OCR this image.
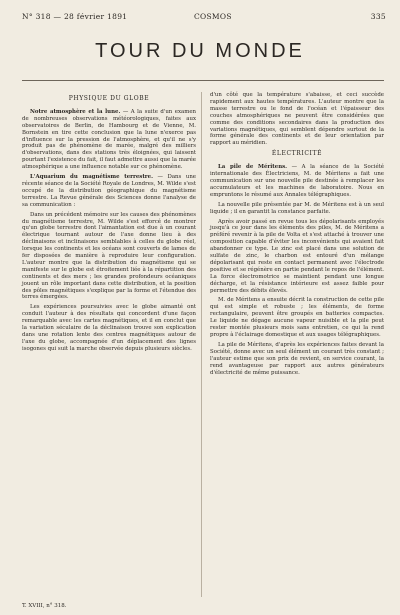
N° 318 — 28 février 1891	COSMOS	335
TOUR DU MONDE
PHYSIQUE DU GLOBE

Notre atmosphère et la lune. — A la suite d'un examen de nombreuses observations météorologiques, faites aux observatoires de Berlin, de Hambourg et de Vienne, M. Bornstein en tire cette conclusion que la lune n'exerce pas d'influence sur la pression de l'atmosphère, et qu'il ne s'y produit pas de phénomène de marée, malgré des milliers d'observations, dans des stations très éloignées, qui laissent pourtant l'existence du fait, il faut admettre aussi que la marée atmosphérique a une influence notable sur ce phénomène.

L'Aquarium du magnétisme terrestre. — Dans une récente séance de la Société Royale de Londres, M. Wilde s'est occupé de la distribution géographique du magnétisme terrestre. La Revue générale des Sciences donne l'analyse de sa communication :

Dans un précédent mémoire sur les causes des phénomènes du magnétisme terrestre, M. Wilde s'est efforcé de montrer qu'un globe terrestre dont l'aimantation est due à un courant électrique tournant autour de l'axe donne lieu à des déclinaisons et inclinaisons semblables à celles du globe réel, lorsque les continents et les océans sont couverts de lames de fer disposées de manière à reproduire leur configuration. L'auteur montre que la distribution du magnétisme qui se manifeste sur le globe est étroitement liée à la répartition des continents et des mers ; les grandes profondeurs océaniques jouent un rôle important dans cette distribution, et la position des pôles magnétiques s'explique par la forme et l'étendue des terres émergées.

Les expériences poursuivies avec le globe aimanté ont conduit l'auteur à des résultats qui concordent d'une façon remarquable avec les cartes magnétiques, et il en conclut que la variation séculaire de la déclinaison trouve son explication dans une rotation lente des centres magnétiques autour de l'axe du globe, accompagnée d'un déplacement des lignes isogones qui suit la marche observée depuis plusieurs siècles.

d'un côté que la température s'abaisse, et ceci succède rapidement aux hautes températures. L'auteur montre que la masse terrestre ou le fond de l'océan et l'épaisseur des couches atmosphériques ne peuvent être considérées que comme des conditions secondaires dans la production des variations magnétiques, qui semblent dépendre surtout de la forme générale des continents et de leur orientation par rapport au méridien.

ÉLECTRICITÉ

La pile de Méritens. — A la séance de la Société internationale des Électriciens, M. de Méritens a fait une communication sur une nouvelle pile destinée à remplacer les accumulateurs et les machines de laboratoire. Nous en empruntons le résumé aux Annales télégraphiques.

La nouvelle pile présentée par M. de Méritens est à un seul liquide ; il en garantit la constance parfaite.

Après avoir passé en revue tous les dépolarisants employés jusqu'à ce jour dans les éléments des piles, M. de Méritens a préféré revenir à la pile de Volta et s'est attaché à trouver une composition capable d'éviter les inconvénients qui avaient fait abandonner ce type. Le zinc est placé dans une solution de sulfate de zinc, le charbon est entouré d'un mélange dépolarisant qui reste en contact permanent avec l'électrode positive et se régénère en partie pendant le repos de l'élément. La force électromotrice se maintient pendant une longue décharge, et la résistance intérieure est assez faible pour permettre des débits élevés.

M. de Méritens a ensuite décrit la construction de cette pile qui est simple et robuste ; les éléments, de forme rectangulaire, peuvent être groupés en batteries compactes. Le liquide ne dégage aucune vapeur nuisible et la pile peut rester montée plusieurs mois sans entretien, ce qui la rend propre à l'éclairage domestique et aux usages télégraphiques.

La pile de Méritens, d'après les expériences faites devant la Société, donne avec un seul élément un courant très constant ; l'auteur estime que son prix de revient, en service courant, la rend avantageuse par rapport aux autres générateurs d'électricité de même puissance.

T. XVIII, n° 318.
